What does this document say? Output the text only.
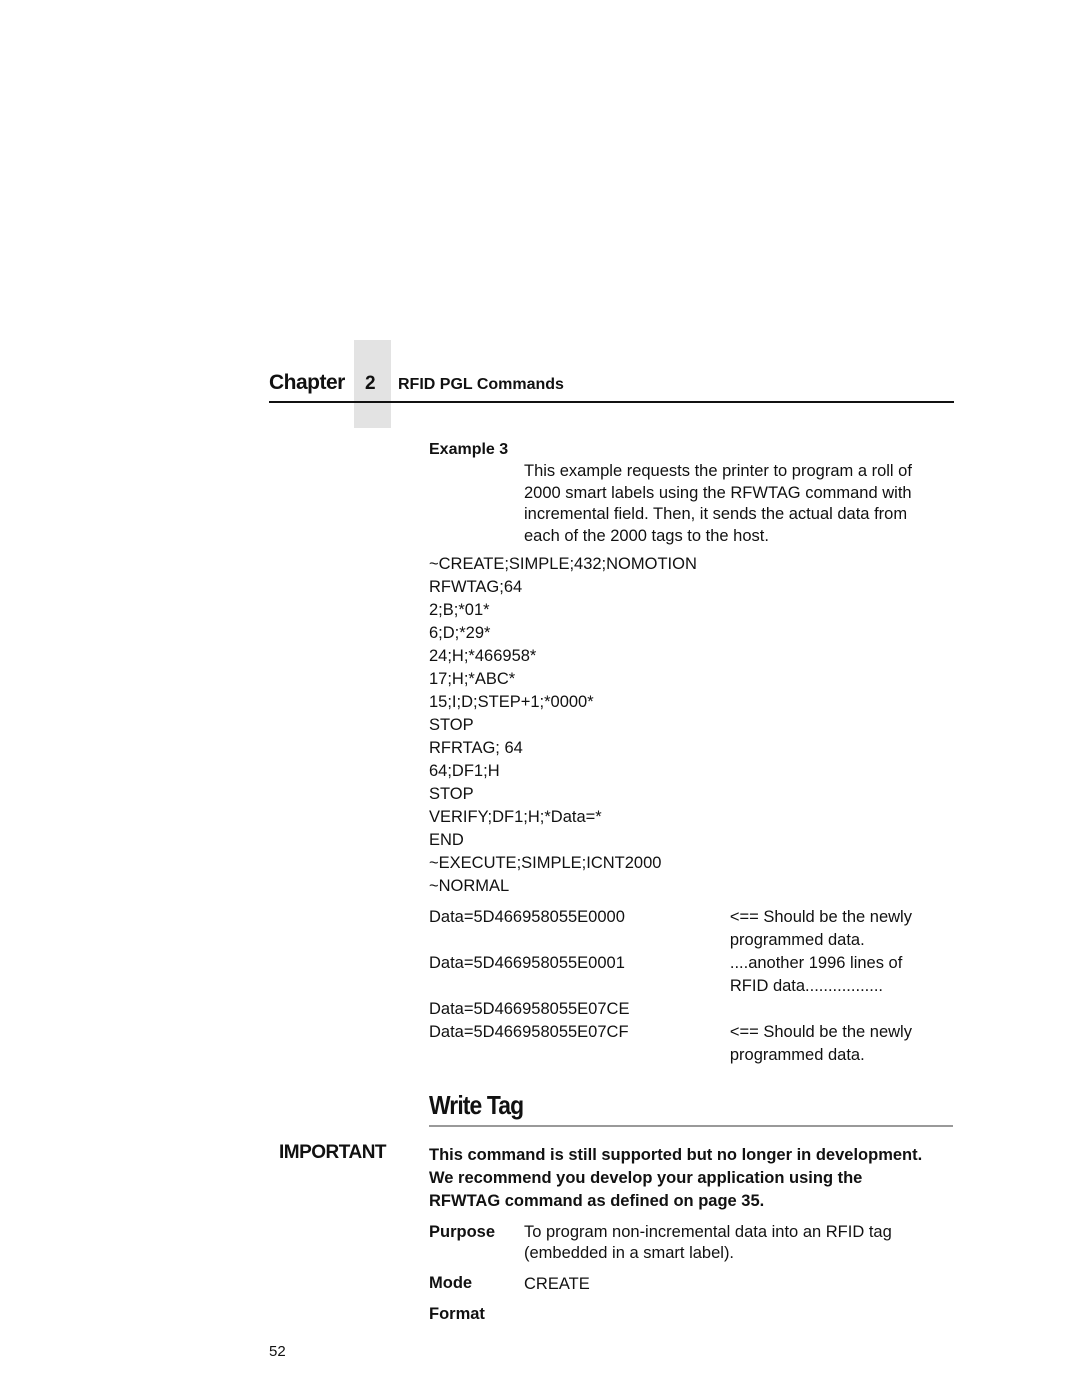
Chapter 2 RFID PGL Commands
Example 3
This example requests the printer to program a roll of
2000 smart labels using the RFWTAG command with
incremental field. Then, it sends the actual data from
each of the 2000 tags to the host.
~CREATE;SIMPLE;432;NOMOTION
RFWTAG;64
2;B;*01*
6;D;*29*
24;H;*466958*
17;H;*ABC*
15;I;D;STEP+1;*0000*
STOP
RFRTAG; 64
64;DF1;H
STOP
VERIFY;DF1;H;*Data=*
END
~EXECUTE;SIMPLE;ICNT2000
~NORMAL
Data=5D466958055E0000	<== Should be the newly
programmed data.
Data=5D466958055E0001	....another 1996 lines of
RFID data.................
Data=5D466958055E07CE
Data=5D466958055E07CF	<== Should be the newly
programmed data.
Write Tag
IMPORTANT	This command is still supported but no longer in development.
We recommend you develop your application using the
RFWTAG command as defined on page 35.
Purpose To program non-incremental data into an RFID tag
(embedded in a smart label).
Mode	CREATE
Format
52
